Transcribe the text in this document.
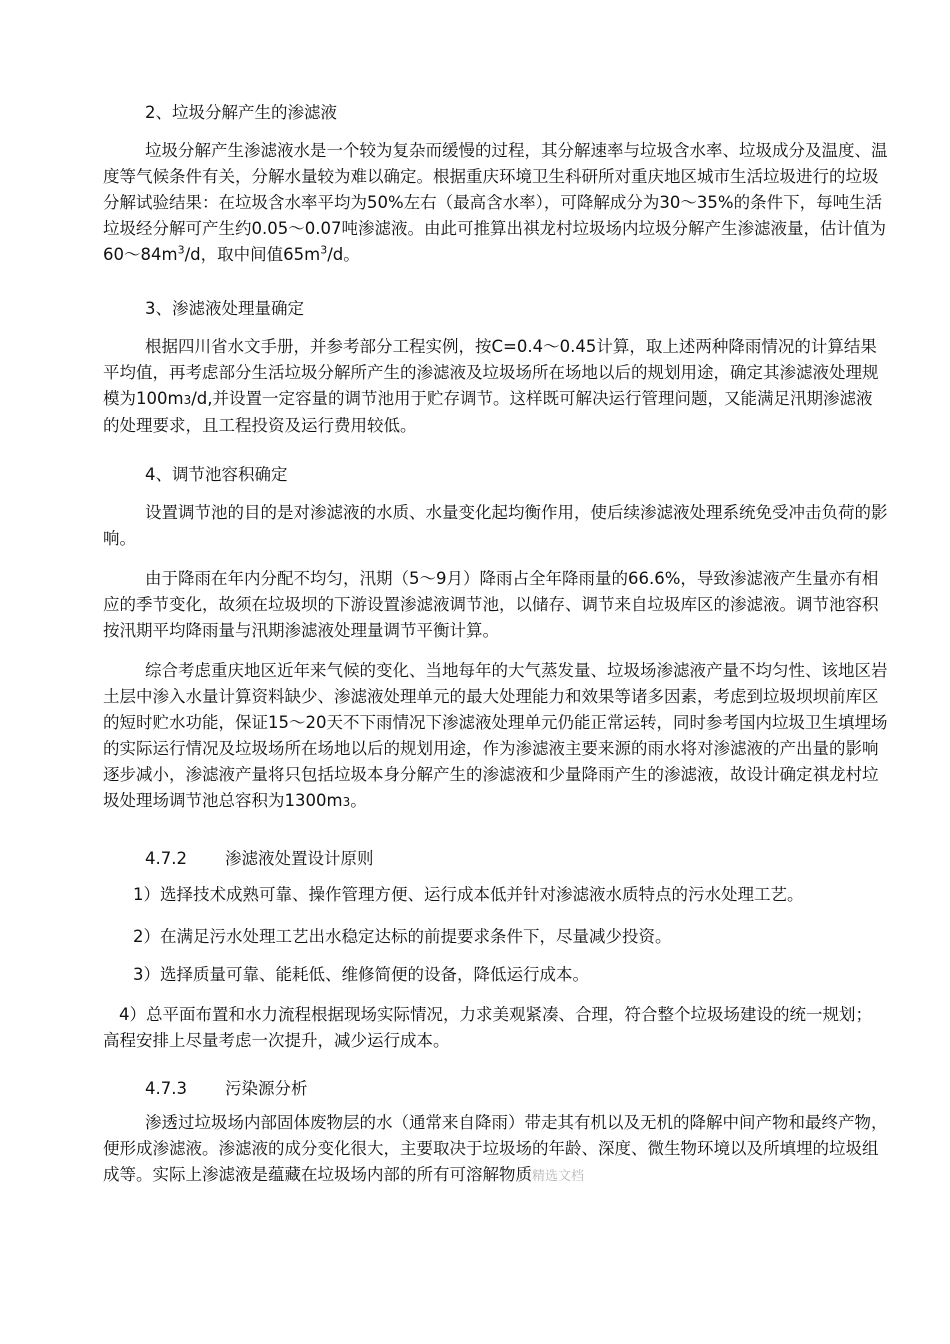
2、垃圾分解产生的渗滤液
垃圾分解产生渗滤液水是一个较为复杂而缓慢的过程，其分解速率与垃圾含水率、垃圾成分及温度、温度等气候条件有关，分解水量较为难以确定。根据重庆环境卫生科研所对重庆地区城市生活垃圾进行的垃圾分解试验结果：在垃圾含水率平均为50%左右（最高含水率），可降解成分为30～35%的条件下，每吨生活垃圾经分解可产生约0.05～0.07吨渗滤液。由此可推算出祺龙村垃圾场内垃圾分解产生渗滤液量，估计值为$60\sim 84m^3/d$，取中间值$65m^3/d$。
3、渗滤液处理量确定
根据四川省水文手册，并参考部分工程实例，按C=0.4～0.45计算，取上述两种降雨情况的计算结果平均值，再考虑部分生活垃圾分解所产生的渗滤液及垃圾场所在场地以后的规划用途，确定其渗滤液处理规模为100m3/d,并设置一定容量的调节池用于贮存调节。这样既可解决运行管理问题，又能满足汛期渗滤液的处理要求，且工程投资及运行费用较低。
4、调节池容积确定
设置调节池的目的是对渗滤液的水质、水量变化起均衡作用，使后续渗滤液处理系统免受冲击负荷的影响。
由于降雨在年内分配不均匀，汛期（5～9月）降雨占全年降雨量的66.6%，导致渗滤液产生量亦有相应的季节变化，故须在垃圾坝的下游设置渗滤液调节池，以储存、调节来自垃圾库区的渗滤液。调节池容积按汛期平均降雨量与汛期渗滤液处理量调节平衡计算。
综合考虑重庆地区近年来气候的变化、当地每年的大气蒸发量、垃圾场渗滤液产量不均匀性、该地区岩土层中渗入水量计算资料缺少、渗滤液处理单元的最大处理能力和效果等诸多因素，考虑到垃圾坝坝前库区的短时贮水功能，保证15～20天不下雨情况下渗滤液处理单元仍能正常运转，同时参考国内垃圾卫生填埋场的实际运行情况及垃圾场所在场地以后的规划用途，作为渗滤液主要来源的雨水将对渗滤液的产出量的影响逐步减小，渗滤液产量将只包括垃圾本身分解产生的渗滤液和少量降雨产生的渗滤液，故设计确定祺龙村垃圾处理场调节池总容积为1300m3。
4.7.2 渗滤液处置设计原则
1）选择技术成熟可靠、操作管理方便、运行成本低并针对渗滤液水质特点的污水处理工艺。
2）在满足污水处理工艺出水稳定达标的前提要求条件下，尽量减少投资。
3）选择质量可靠、能耗低、维修简便的设备，降低运行成本。
4）总平面布置和水力流程根据现场实际情况，力求美观紧凑、合理，符合整个垃圾场建设的统一规划；高程安排上尽量考虑一次提升，减少运行成本。
4.7.3 污染源分析
渗透过垃圾场内部固体废物层的水（通常来自降雨）带走其有机以及无机的降解中间产物和最终产物，便形成渗滤液。渗滤液的成分变化很大，主要取决于垃圾场的年龄、深度、微生物环境以及所填埋的垃圾组成等。实际上渗滤液是蕴藏在垃圾场内部的所有可溶解物质精选文档
